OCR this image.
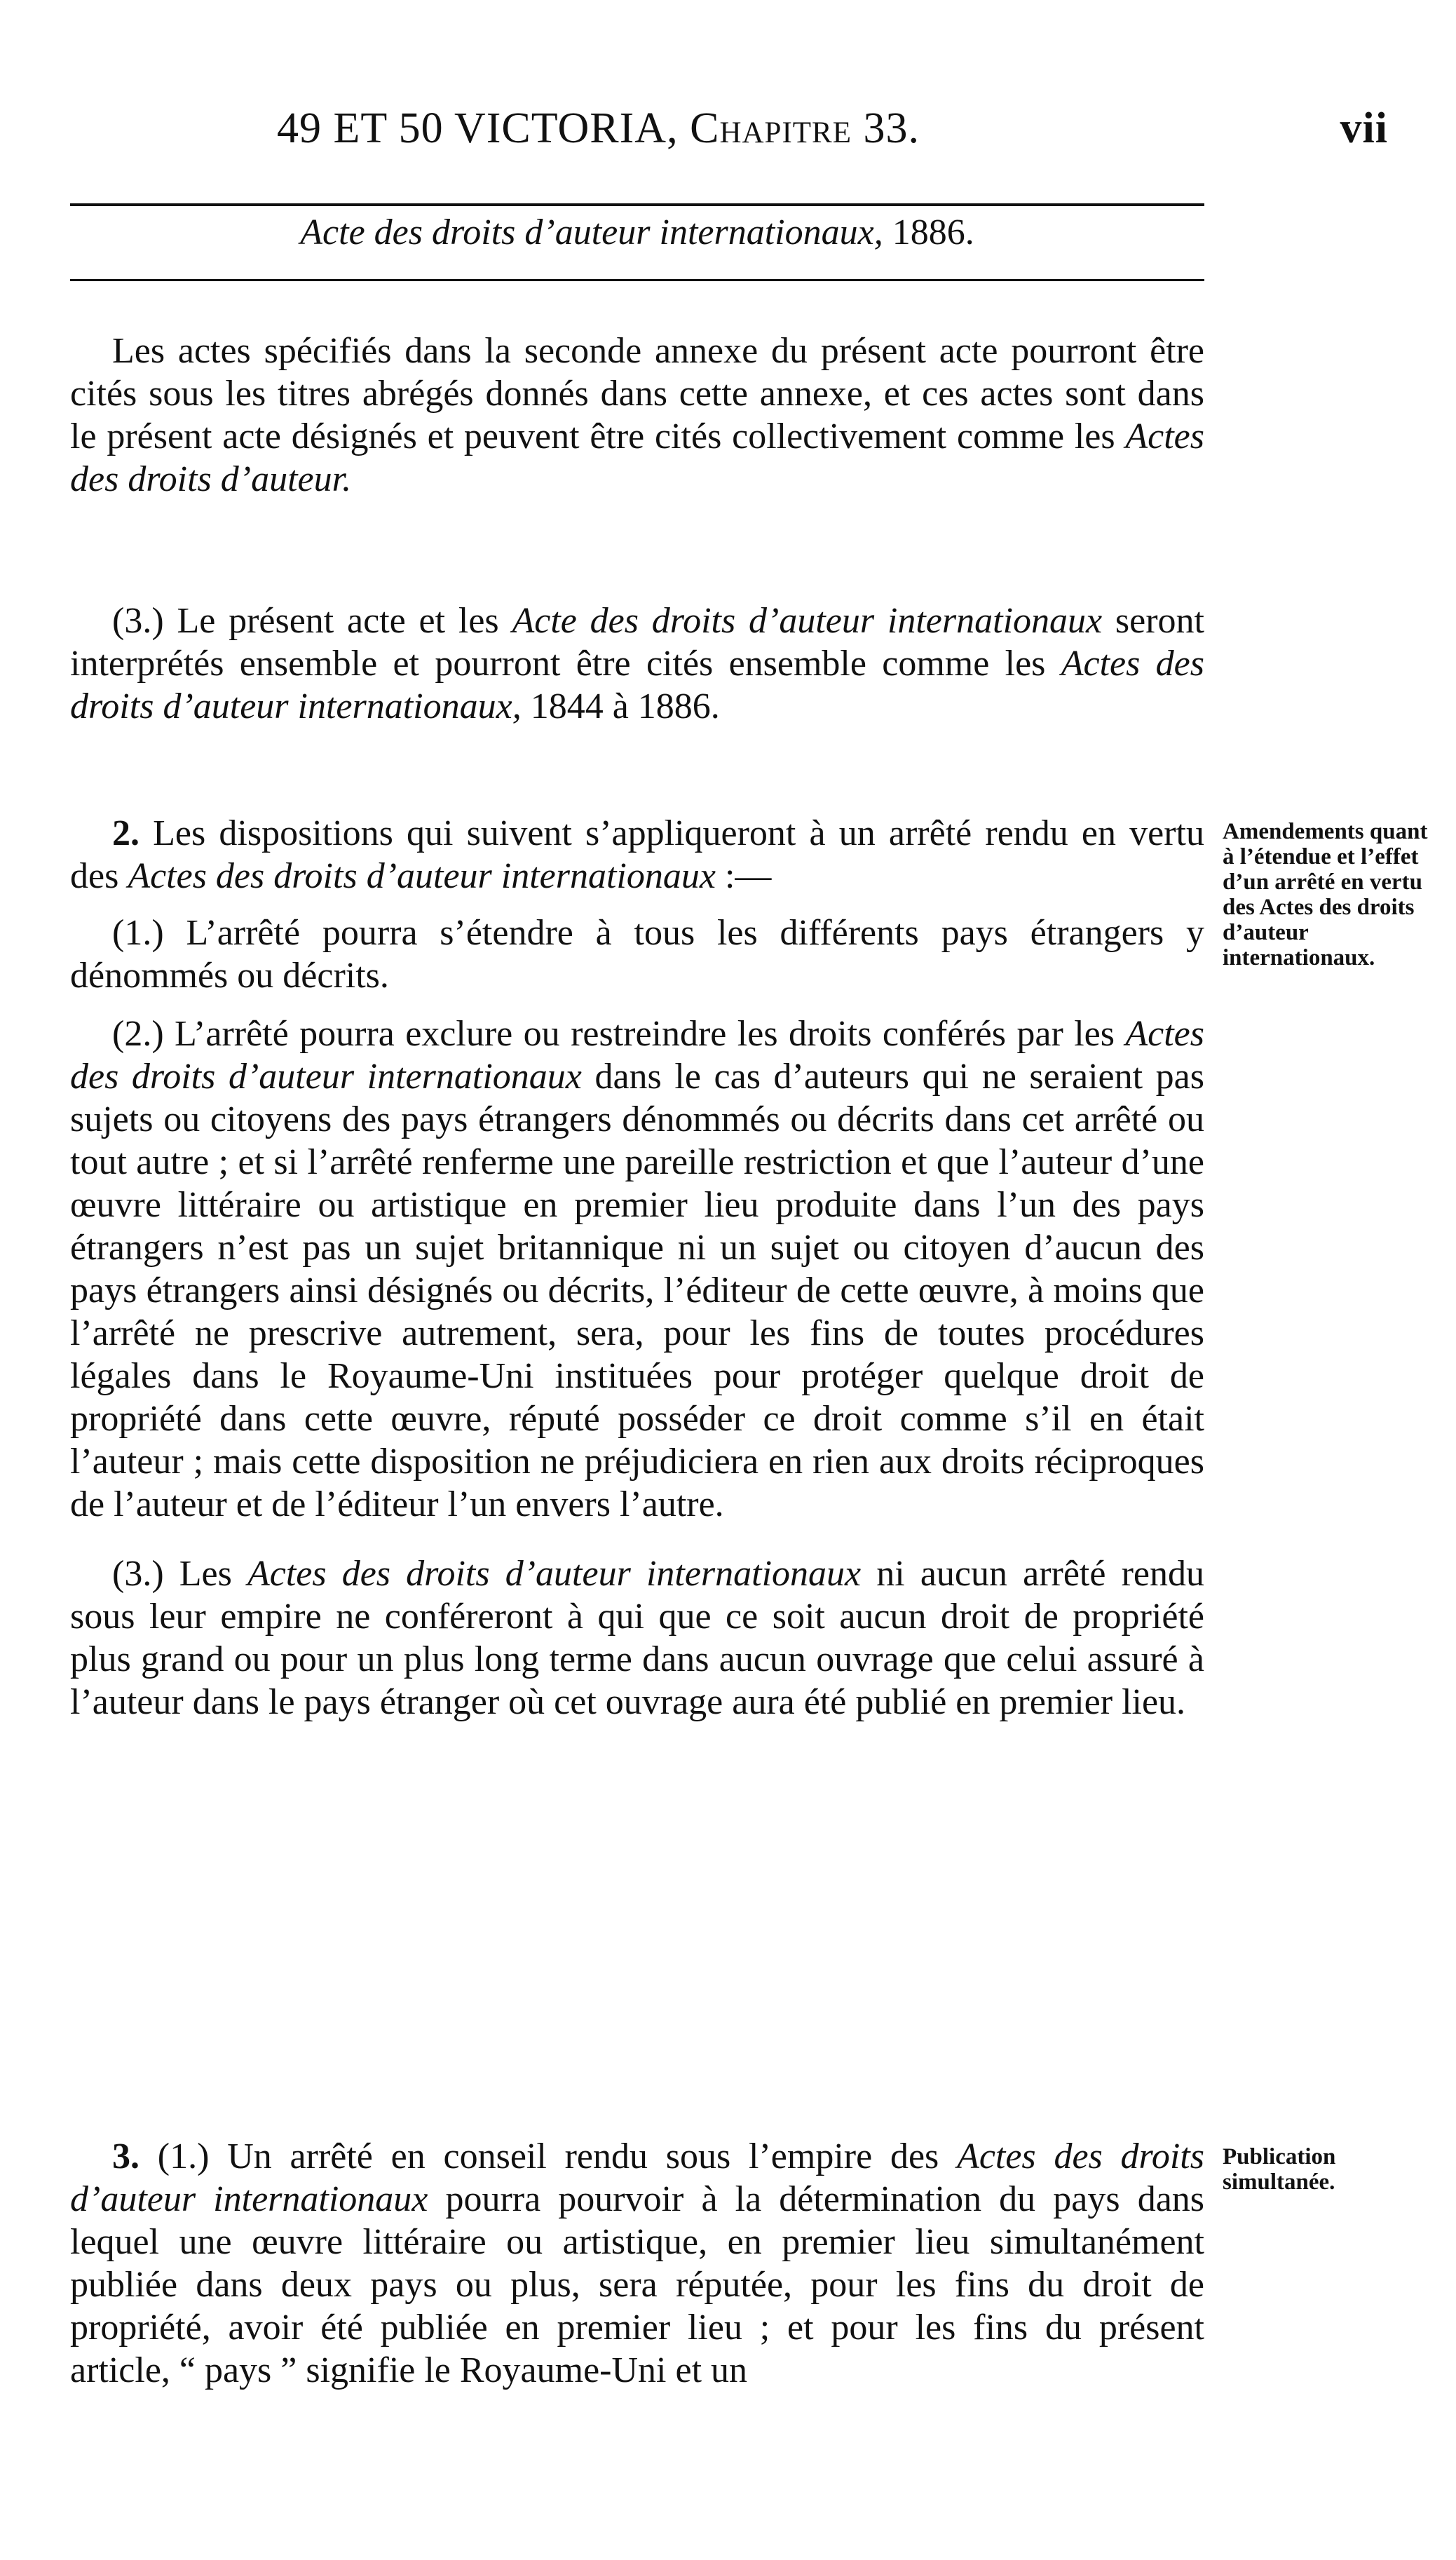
49 ET 50 VICTORIA, Chapitre 33.	vii
Acte des droits d’auteur internationaux, 1886.

Les actes spécifiés dans la seconde annexe du présent acte pourront être cités sous les titres abrégés donnés dans cette annexe, et ces actes sont dans le présent acte désignés et peuvent être cités collectivement comme les Actes des droits d’auteur.

(3.) Le présent acte et les Acte des droits d’auteur internationaux seront interprétés ensemble et pourront être cités ensemble comme les Actes des droits d’auteur internationaux, 1844 à 1886.

2. Les dispositions qui suivent s’appliqueront à un arrêté rendu en vertu des Actes des droits d’auteur internationaux :—

(1.) L’arrêté pourra s’étendre à tous les différents pays étrangers y dénommés ou décrits.

(2.) L’arrêté pourra exclure ou restreindre les droits conférés par les Actes des droits d’auteur internationaux dans le cas d’auteurs qui ne seraient pas sujets ou citoyens des pays étrangers dénommés ou décrits dans cet arrêté ou tout autre ; et si l’arrêté renferme une pareille restriction et que l’auteur d’une œuvre littéraire ou artistique en premier lieu produite dans l’un des pays étrangers n’est pas un sujet britannique ni un sujet ou citoyen d’aucun des pays étrangers ainsi désignés ou décrits, l’éditeur de cette œuvre, à moins que l’arrêté ne prescrive autrement, sera, pour les fins de toutes procédures légales dans le Royaume-Uni instituées pour protéger quelque droit de propriété dans cette œuvre, réputé posséder ce droit comme s’il en était l’auteur ; mais cette disposition ne préjudiciera en rien aux droits réciproques de l’auteur et de l’éditeur l’un envers l’autre.

(3.) Les Actes des droits d’auteur internationaux ni aucun arrêté rendu sous leur empire ne conféreront à qui que ce soit aucun droit de propriété plus grand ou pour un plus long terme dans aucun ouvrage que celui assuré à l’auteur dans le pays étranger où cet ouvrage aura été publié en premier lieu.

3. (1.) Un arrêté en conseil rendu sous l’empire des Actes des droits d’auteur internationaux pourra pourvoir à la détermination du pays dans lequel une œuvre littéraire ou artistique, en premier lieu simultanément publiée dans deux pays ou plus, sera réputée, pour les fins du droit de propriété, avoir été publiée en premier lieu ; et pour les fins du présent article, “ pays ” signifie le Royaume-Uni et un

Amendements quant à l’étendue et l’effet d’un arrêté en vertu des Actes des droits d’auteur internationaux.
Publication simultanée.
